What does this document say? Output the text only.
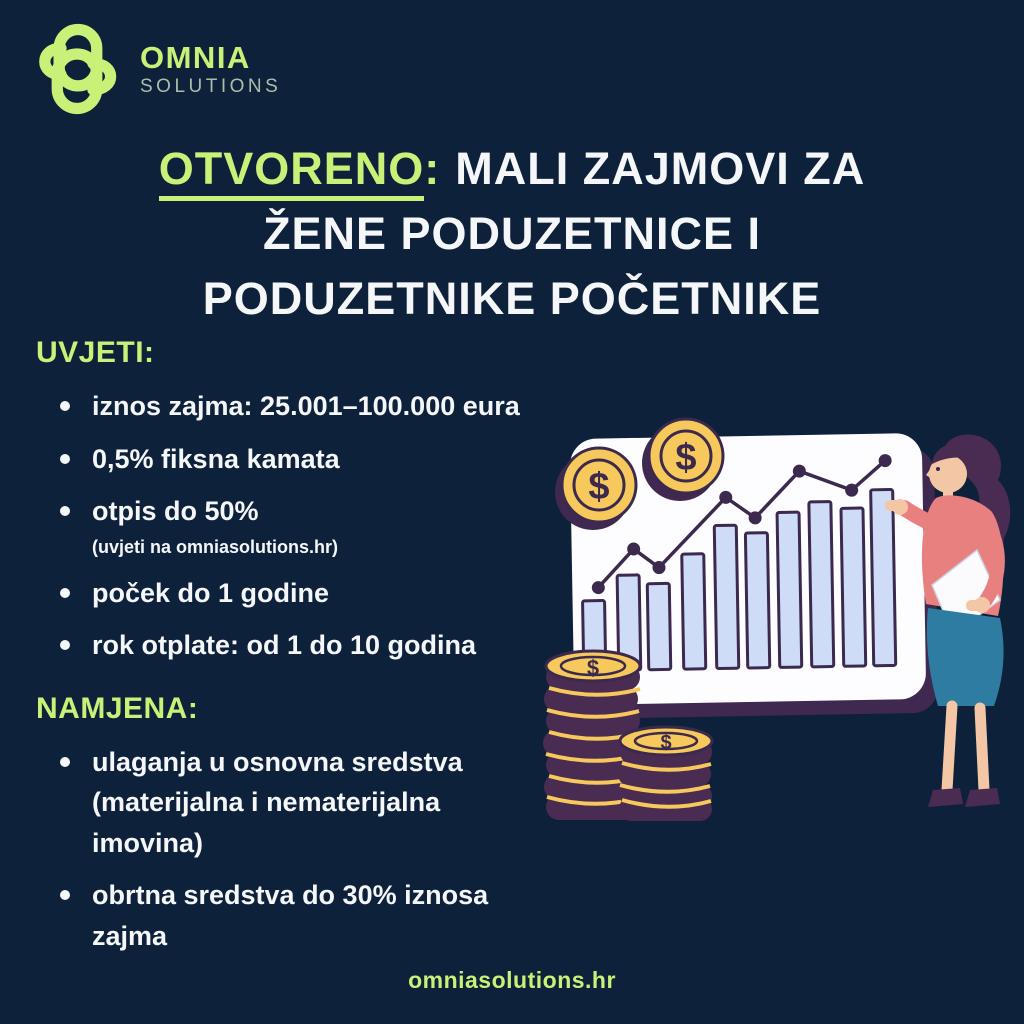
OMNIA
SOLUTIONS
OTVORENO: MALI ZAJMOVI ZA
ŽENE PODUZETNICE I
PODUZETNIKE POČETNIKE
UVJETI:
iznos zajma: 25.001–100.000 eura
0,5% fiksna kamata
otpis do 50%
(uvjeti na omniasolutions.hr)
poček do 1 godine
rok otplate: od 1 do 10 godina
NAMJENA:
ulaganja u osnovna sredstva
(materijalna i nematerijalna
imovina)
obrtna sredstva do 30% iznosa
zajma
$
$
$
$
omniasolutions.hr
